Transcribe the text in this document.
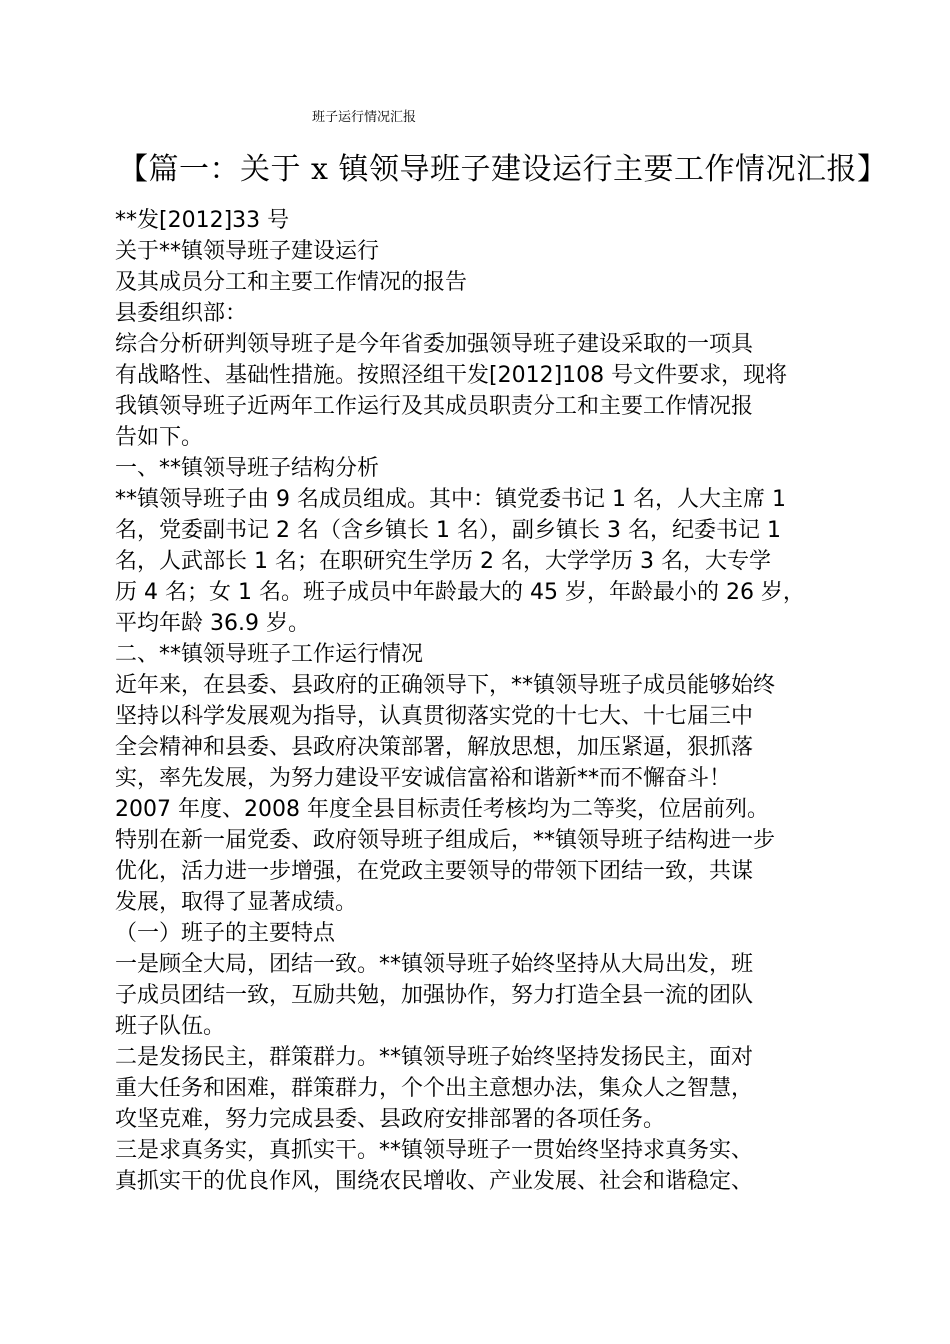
班子运行情况汇报
【篇一：关于 x 镇领导班子建设运行主要工作情况汇报】
**发[2012]33 号
关于**镇领导班子建设运行
及其成员分工和主要工作情况的报告
县委组织部：
综合分析研判领导班子是今年省委加强领导班子建设采取的一项具
有战略性、基础性措施。按照泾组干发[2012]108 号文件要求，现将
我镇领导班子近两年工作运行及其成员职责分工和主要工作情况报
告如下。
一、**镇领导班子结构分析
**镇领导班子由 9 名成员组成。其中：镇党委书记 1 名，人大主席 1
名，党委副书记 2 名（含乡镇长 1 名），副乡镇长 3 名，纪委书记 1
名，人武部长 1 名；在职研究生学历 2 名，大学学历 3 名，大专学
历 4 名；女 1 名。班子成员中年龄最大的 45 岁，年龄最小的 26 岁，
平均年龄 36.9 岁。
二、**镇领导班子工作运行情况
近年来，在县委、县政府的正确领导下，**镇领导班子成员能够始终
坚持以科学发展观为指导，认真贯彻落实党的十七大、十七届三中
全会精神和县委、县政府决策部署，解放思想，加压紧逼，狠抓落
实，率先发展，为努力建设平安诚信富裕和谐新**而不懈奋斗！
2007 年度、2008 年度全县目标责任考核均为二等奖，位居前列。
特别在新一届党委、政府领导班子组成后，**镇领导班子结构进一步
优化，活力进一步增强，在党政主要领导的带领下团结一致，共谋
发展，取得了显著成绩。
（一）班子的主要特点
一是顾全大局，团结一致。**镇领导班子始终坚持从大局出发，班
子成员团结一致，互励共勉，加强协作，努力打造全县一流的团队
班子队伍。
二是发扬民主，群策群力。**镇领导班子始终坚持发扬民主，面对
重大任务和困难，群策群力，个个出主意想办法，集众人之智慧，
攻坚克难，努力完成县委、县政府安排部署的各项任务。
三是求真务实，真抓实干。**镇领导班子一贯始终坚持求真务实、
真抓实干的优良作风，围绕农民增收、产业发展、社会和谐稳定、
